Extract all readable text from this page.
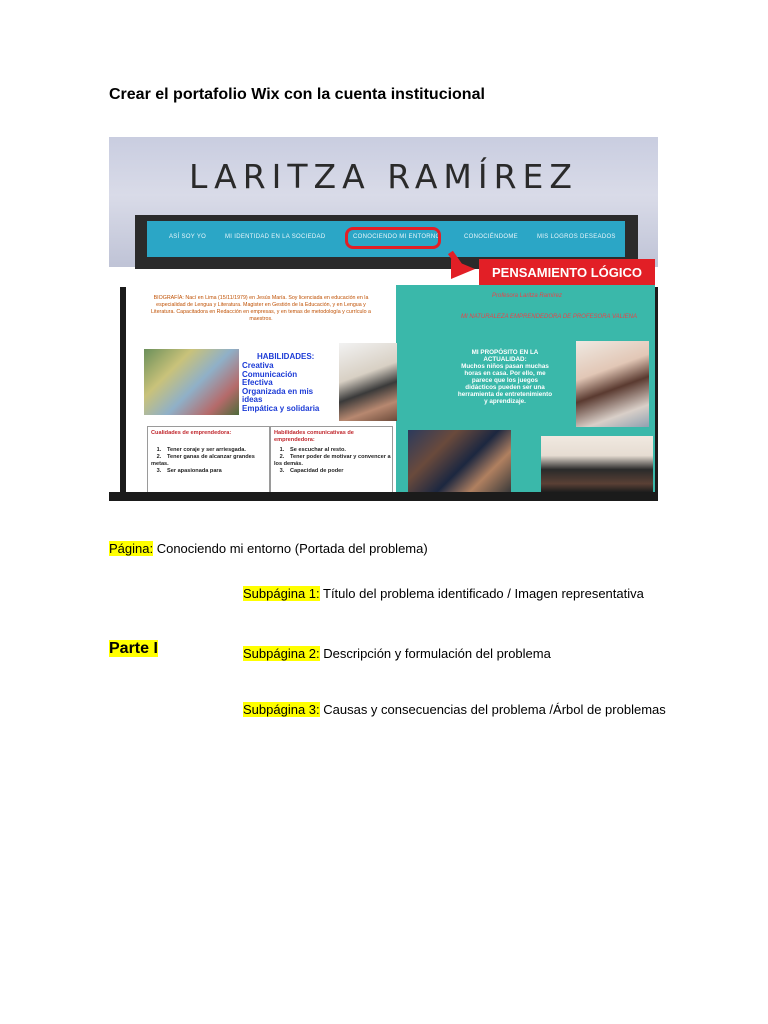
Crear el portafolio Wix con la cuenta institucional
LARITZA RAMÍREZ
ASÍ SOY YO	MI IDENTIDAD EN LA SOCIEDAD	CONOCIENDO MI ENTORNO	CONOCIÉNDOME	MIS LOGROS DESEADOS
PENSAMIENTO LÓGICO
BIOGRAFÍA: Nací en Lima (15/11/1979) en Jesús María. Soy licenciada en educación en la especialidad de Lengua y Literatura. Magister en Gestión de la Educación, y en Lengua y Literatura. Capacitadora en Redacción en empresas, y en temas de metodología y currículo a maestros.
HABILIDADES:
Creativa
Comunicación
Efectiva
Organizada en mis
ideas
Empática y solidaria
Cualidades de emprendedora:
1. Tener coraje y ser arriesgada.
2. Tener ganas de alcanzar grandes metas.
3. Ser apasionada para
Habilidades comunicativas de emprendedora:
1. Se escuchar al resto.
2. Tener poder de motivar y convencer a los demás.
3. Capacidad de poder
Profesora Laritza Ramírez
MI NATURALEZA EMPRENDEDORA DE PROFESORA VALIENA
MI PROPÓSITO EN LA ACTUALIDAD:
Muchos niños pasan muchas horas en casa. Por ello, me parece que los juegos didácticos pueden ser una herramienta de entretenimiento y aprendizaje.
Página: Conociendo mi entorno (Portada del problema)
Subpágina 1: Título del problema identificado / Imagen representativa
Parte I	Subpágina 2: Descripción y formulación del problema
Subpágina 3: Causas y consecuencias del problema /Árbol de problemas
